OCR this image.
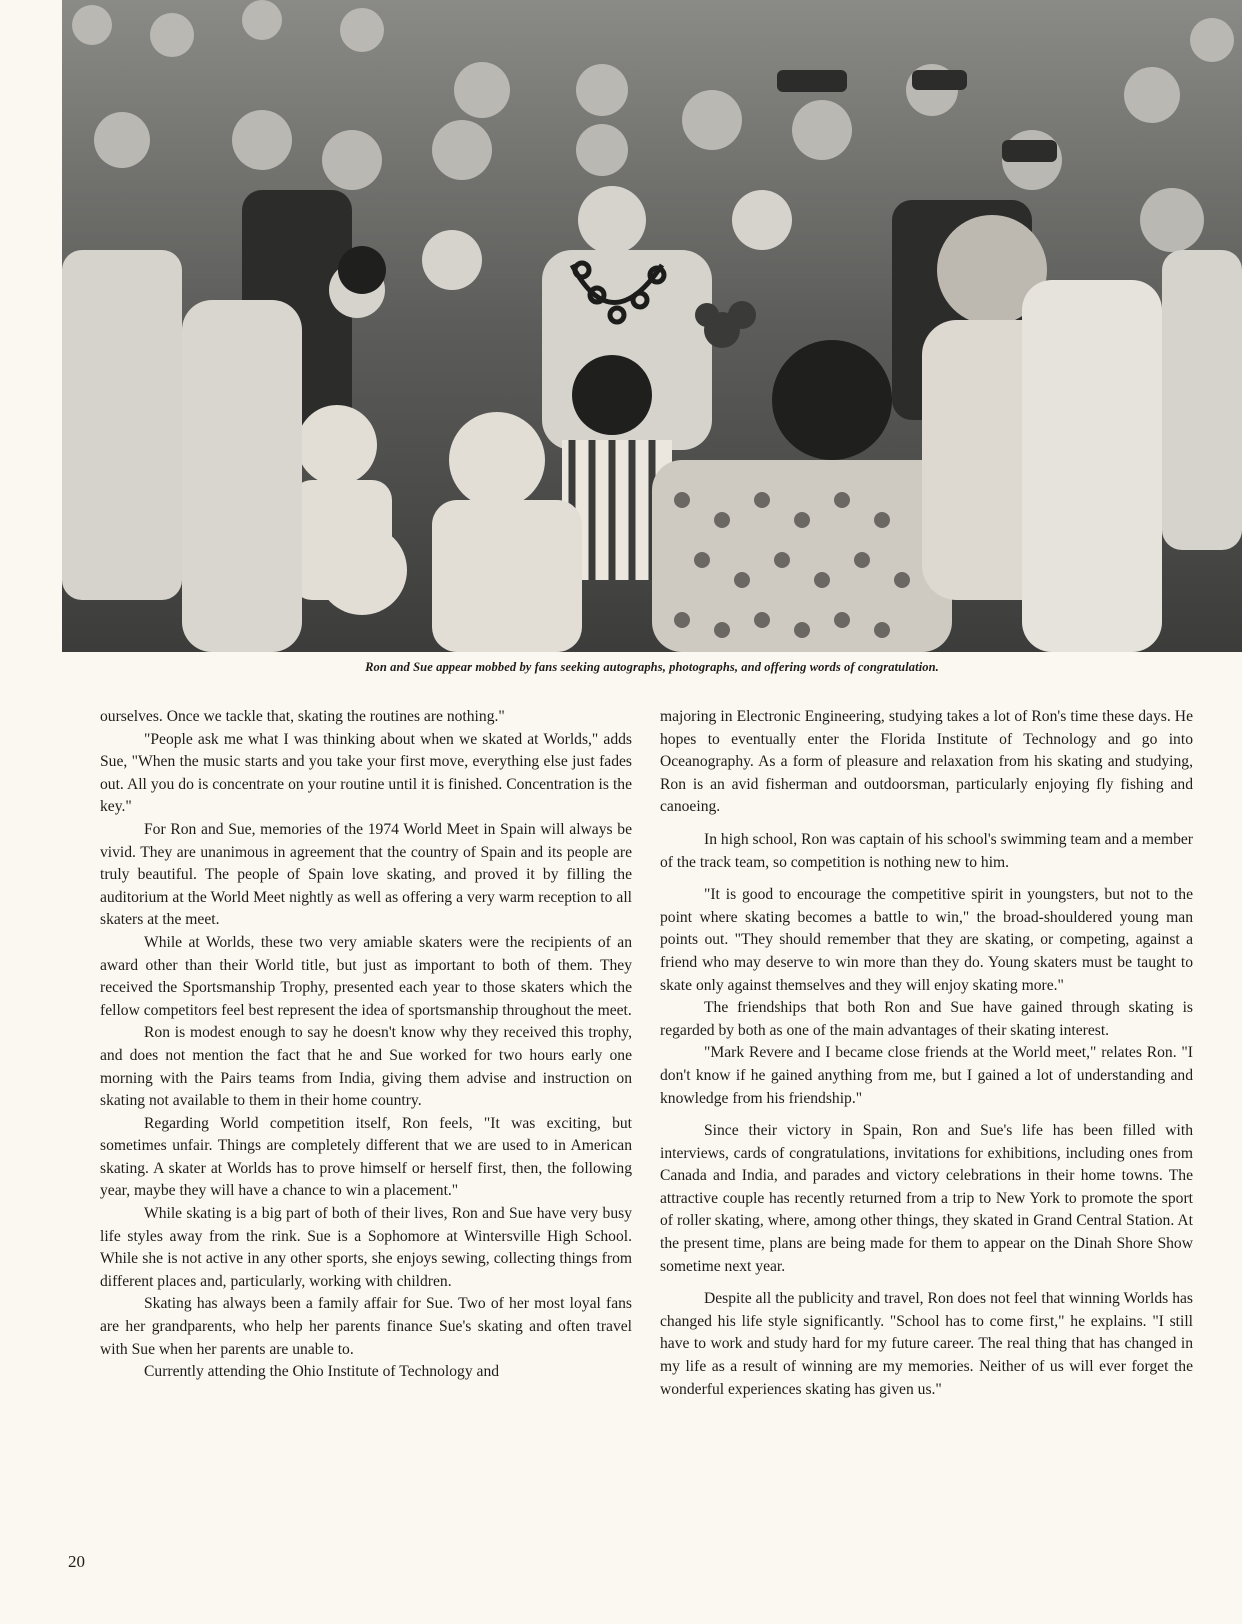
Ron and Sue appear mobbed by fans seeking autographs, photographs, and offering words of congratulation.

ourselves. Once we tackle that, skating the routines are nothing."

"People ask me what I was thinking about when we skated at Worlds," adds Sue, "When the music starts and you take your first move, everything else just fades out. All you do is concentrate on your routine until it is finished. Concentration is the key."

For Ron and Sue, memories of the 1974 World Meet in Spain will always be vivid. They are unanimous in agreement that the country of Spain and its people are truly beautiful. The people of Spain love skating, and proved it by filling the auditorium at the World Meet nightly as well as offering a very warm reception to all skaters at the meet.

While at Worlds, these two very amiable skaters were the recipients of an award other than their World title, but just as important to both of them. They received the Sportsmanship Trophy, presented each year to those skaters which the fellow competitors feel best represent the idea of sportsmanship throughout the meet.

Ron is modest enough to say he doesn't know why they received this trophy, and does not mention the fact that he and Sue worked for two hours early one morning with the Pairs teams from India, giving them advise and instruction on skating not available to them in their home country.

Regarding World competition itself, Ron feels, "It was exciting, but sometimes unfair. Things are completely different that we are used to in American skating. A skater at Worlds has to prove himself or herself first, then, the following year, maybe they will have a chance to win a placement."

While skating is a big part of both of their lives, Ron and Sue have very busy life styles away from the rink. Sue is a Sophomore at Wintersville High School. While she is not active in any other sports, she enjoys sewing, collecting things from different places and, particularly, working with children.

Skating has always been a family affair for Sue. Two of her most loyal fans are her grandparents, who help her parents finance Sue's skating and often travel with Sue when her parents are unable to.

Currently attending the Ohio Institute of Technology and

majoring in Electronic Engineering, studying takes a lot of Ron's time these days. He hopes to eventually enter the Florida Institute of Technology and go into Oceanography. As a form of pleasure and relaxation from his skating and studying, Ron is an avid fisherman and outdoorsman, particularly enjoying fly fishing and canoeing.

In high school, Ron was captain of his school's swimming team and a member of the track team, so competition is nothing new to him.

"It is good to encourage the competitive spirit in youngsters, but not to the point where skating becomes a battle to win," the broad-shouldered young man points out. "They should remember that they are skating, or competing, against a friend who may deserve to win more than they do. Young skaters must be taught to skate only against themselves and they will enjoy skating more."

The friendships that both Ron and Sue have gained through skating is regarded by both as one of the main advantages of their skating interest.

"Mark Revere and I became close friends at the World meet," relates Ron. "I don't know if he gained anything from me, but I gained a lot of understanding and knowledge from his friendship."

Since their victory in Spain, Ron and Sue's life has been filled with interviews, cards of congratulations, invitations for exhibitions, including ones from Canada and India, and parades and victory celebrations in their home towns. The attractive couple has recently returned from a trip to New York to promote the sport of roller skating, where, among other things, they skated in Grand Central Station. At the present time, plans are being made for them to appear on the Dinah Shore Show sometime next year.

Despite all the publicity and travel, Ron does not feel that winning Worlds has changed his life style significantly. "School has to come first," he explains. "I still have to work and study hard for my future career. The real thing that has changed in my life as a result of winning are my memories. Neither of us will ever forget the wonderful experiences skating has given us."

20
